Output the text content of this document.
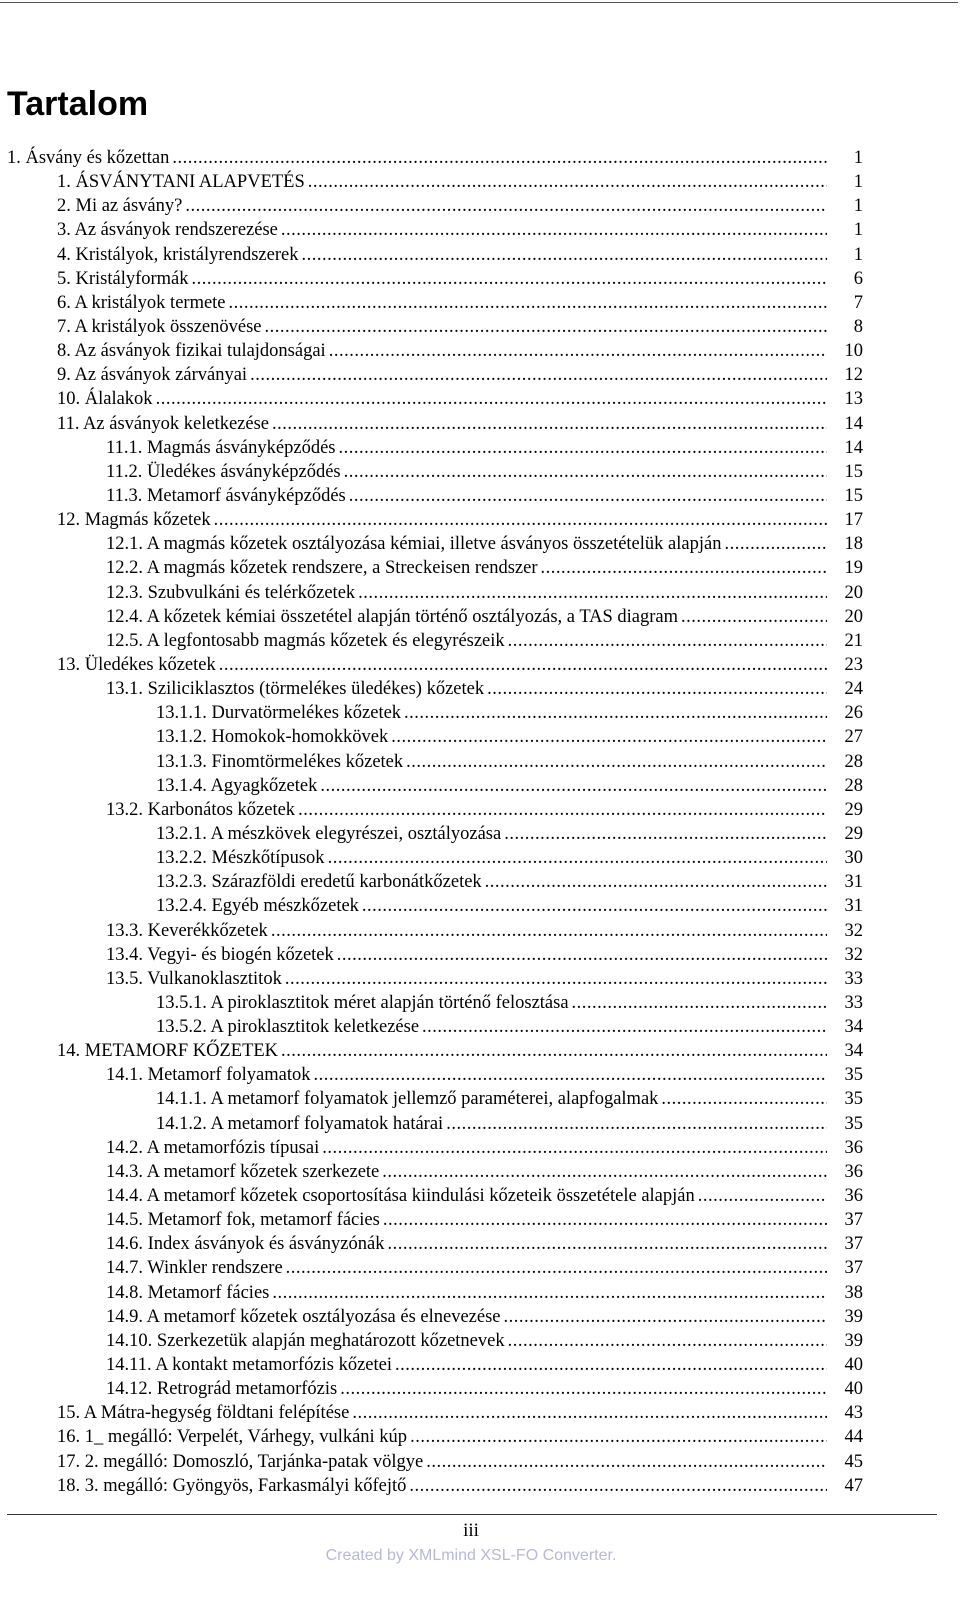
Tartalom
1. Ásvány és kőzettan .....	1
1. ÁSVÁNYTANI ALAPVETÉS .....	1
2. Mi az ásvány? .....	1
3. Az ásványok rendszerezése .....	1
4. Kristályok, kristályrendszerek .....	1
5. Kristályformák .....	6
6. A kristályok termete .....	7
7. A kristályok összenövése .....	8
8. Az ásványok fizikai tulajdonságai .....	10
9. Az ásványok zárványai .....	12
10. Álalakok .....	13
11. Az ásványok keletkezése .....	14
11.1. Magmás ásványképződés .....	14
11.2. Üledékes ásványképződés .....	15
11.3. Metamorf ásványképződés .....	15
12. Magmás kőzetek .....	17
12.1. A magmás kőzetek osztályozása kémiai, illetve ásványos összetételük alapján .....	18
12.2. A magmás kőzetek rendszere, a Streckeisen rendszer .....	19
12.3. Szubvulkáni és telérkőzetek .....	20
12.4. A kőzetek kémiai összetétel alapján történő osztályozás, a TAS diagram .....	20
12.5. A legfontosabb magmás kőzetek és elegyrészeik .....	21
13. Üledékes kőzetek .....	23
13.1. Sziliciklasztos (törmelékes üledékes) kőzetek .....	24
13.1.1. Durvatörmelékes kőzetek .....	26
13.1.2. Homokok-homokkövek .....	27
13.1.3. Finomtörmelékes kőzetek .....	28
13.1.4. Agyagkőzetek .....	28
13.2. Karbonátos kőzetek .....	29
13.2.1. A mészkövek elegyrészei, osztályozása .....	29
13.2.2. Mészkőtípusok .....	30
13.2.3. Szárazföldi eredetű karbonátkőzetek .....	31
13.2.4. Egyéb mészkőzetek .....	31
13.3. Keverékkőzetek .....	32
13.4. Vegyi- és biogén kőzetek .....	32
13.5. Vulkanoklasztitok .....	33
13.5.1. A piroklasztitok méret alapján történő felosztása .....	33
13.5.2. A piroklasztitok keletkezése .....	34
14. METAMORF KŐZETEK .....	34
14.1. Metamorf folyamatok .....	35
14.1.1. A metamorf folyamatok jellemző paraméterei, alapfogalmak .....	35
14.1.2. A metamorf folyamatok határai .....	35
14.2. A metamorfózis típusai .....	36
14.3. A metamorf kőzetek szerkezete .....	36
14.4. A metamorf kőzetek csoportosítása kiindulási kőzeteik összetétele alapján .....	36
14.5. Metamorf fok, metamorf fácies .....	37
14.6. Index ásványok és ásványzónák .....	37
14.7. Winkler rendszere .....	37
14.8. Metamorf fácies .....	38
14.9. A metamorf kőzetek osztályozása és elnevezése .....	39
14.10. Szerkezetük alapján meghatározott kőzetnevek .....	39
14.11. A kontakt metamorfózis kőzetei .....	40
14.12. Retrográd metamorfózis .....	40
15. A Mátra-hegység földtani felépítése .....	43
16. 1_ megálló: Verpelét, Várhegy, vulkáni kúp .....	44
17. 2. megálló: Domoszló, Tarjánka-patak völgye .....	45
18. 3. megálló: Gyöngyös, Farkasmályi kőfejtő .....	47
iii
Created by XMLmind XSL-FO Converter.
